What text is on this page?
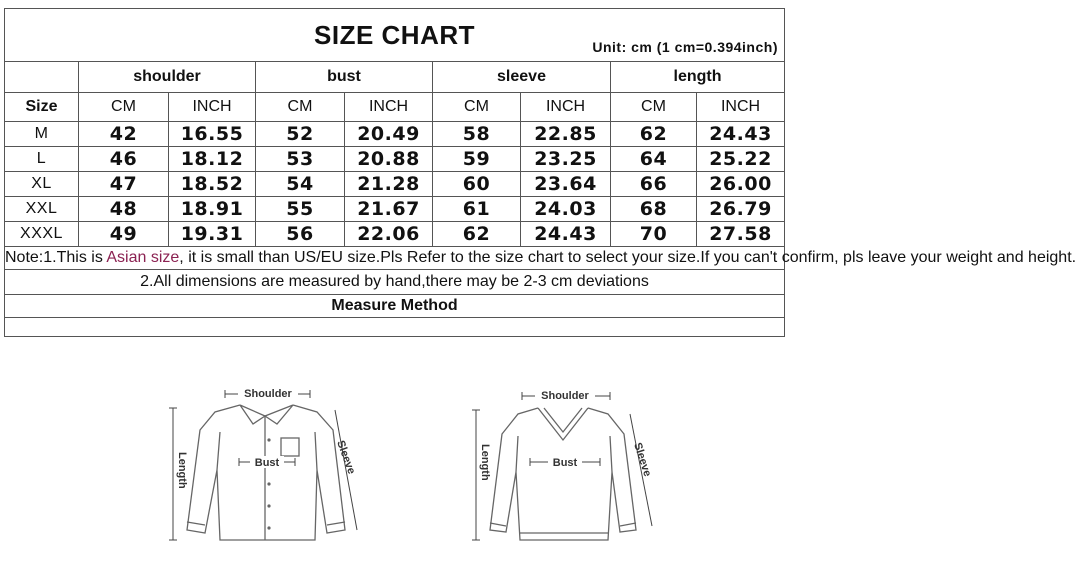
SIZE CHART Unit: cm (1 cm=0.394inch)								

	shoulder		bust		sleeve		length	
Size	CM	INCH	CM	INCH	CM	INCH	CM	INCH
M	42	16.55	52	20.49	58	22.85	62	24.43
L	46	18.12	53	20.88	59	23.25	64	25.22
XL	47	18.52	54	21.28	60	23.64	66	26.00
XXL	48	18.91	55	21.67	61	24.03	68	26.79
XXXL	49	19.31	56	22.06	62	24.43	70	27.58
Note:1.This is Asian size, it is small than US/EU size.Pls Refer to the size chart to select your size.If you can't confirm, pls leave your weight and height.								
2.All dimensions are measured by hand,there may be 2-3 cm deviations								
Measure Method								

Shoulder
Bust
Length	Sleeve
Shoulder
Bust
Length	Sleeve
